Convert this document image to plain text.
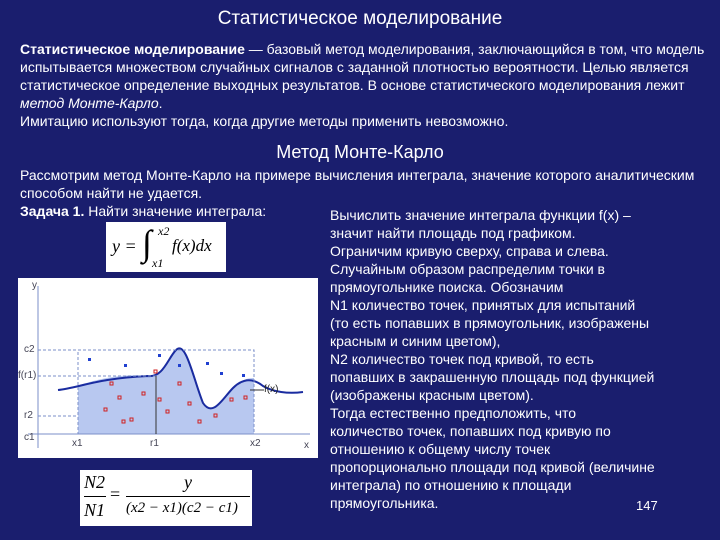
Статистическое моделирование
Статистическое моделирование — базовый метод моделирования, заключающийся в том, что модель испытывается множеством случайных сигналов с заданной плотностью вероятности. Целью является статистическое определение выходных результатов. В основе статистического моделирования лежит метод Монте-Карло.
Имитацию используют тогда, когда другие методы применить невозможно.
Метод Монте-Карло
Рассмотрим метод Монте-Карло на примере вычисления интеграла, значение которого аналитическим способом найти не удается.
Задача 1. Найти значение интеграла:
y = ∫ x2
x1
f(x)dx
y
c2
f(r1)
r2
c1
x1	r1	x2	x
f(x)
N2
N1
=
y
(x2 − x1)(c2 − c1)
Вычислить значение интеграла функции f(x) –
значит найти площадь под графиком.
Ограничим кривую сверху, справа и слева.
Случайным образом распределим точки в
прямоугольнике поиска. Обозначим
N1 количество точек, принятых для испытаний
(то есть попавших в прямоугольник, изображены
красным и синим цветом),
N2 количество точек под кривой, то есть
попавших в закрашенную площадь под функцией
(изображены красным цветом).
Тогда естественно предположить, что
количество точек, попавших под кривую по
отношению к общему числу точек
пропорционально площади под кривой (величине
интеграла) по отношению к площади
прямоугольника.	147
